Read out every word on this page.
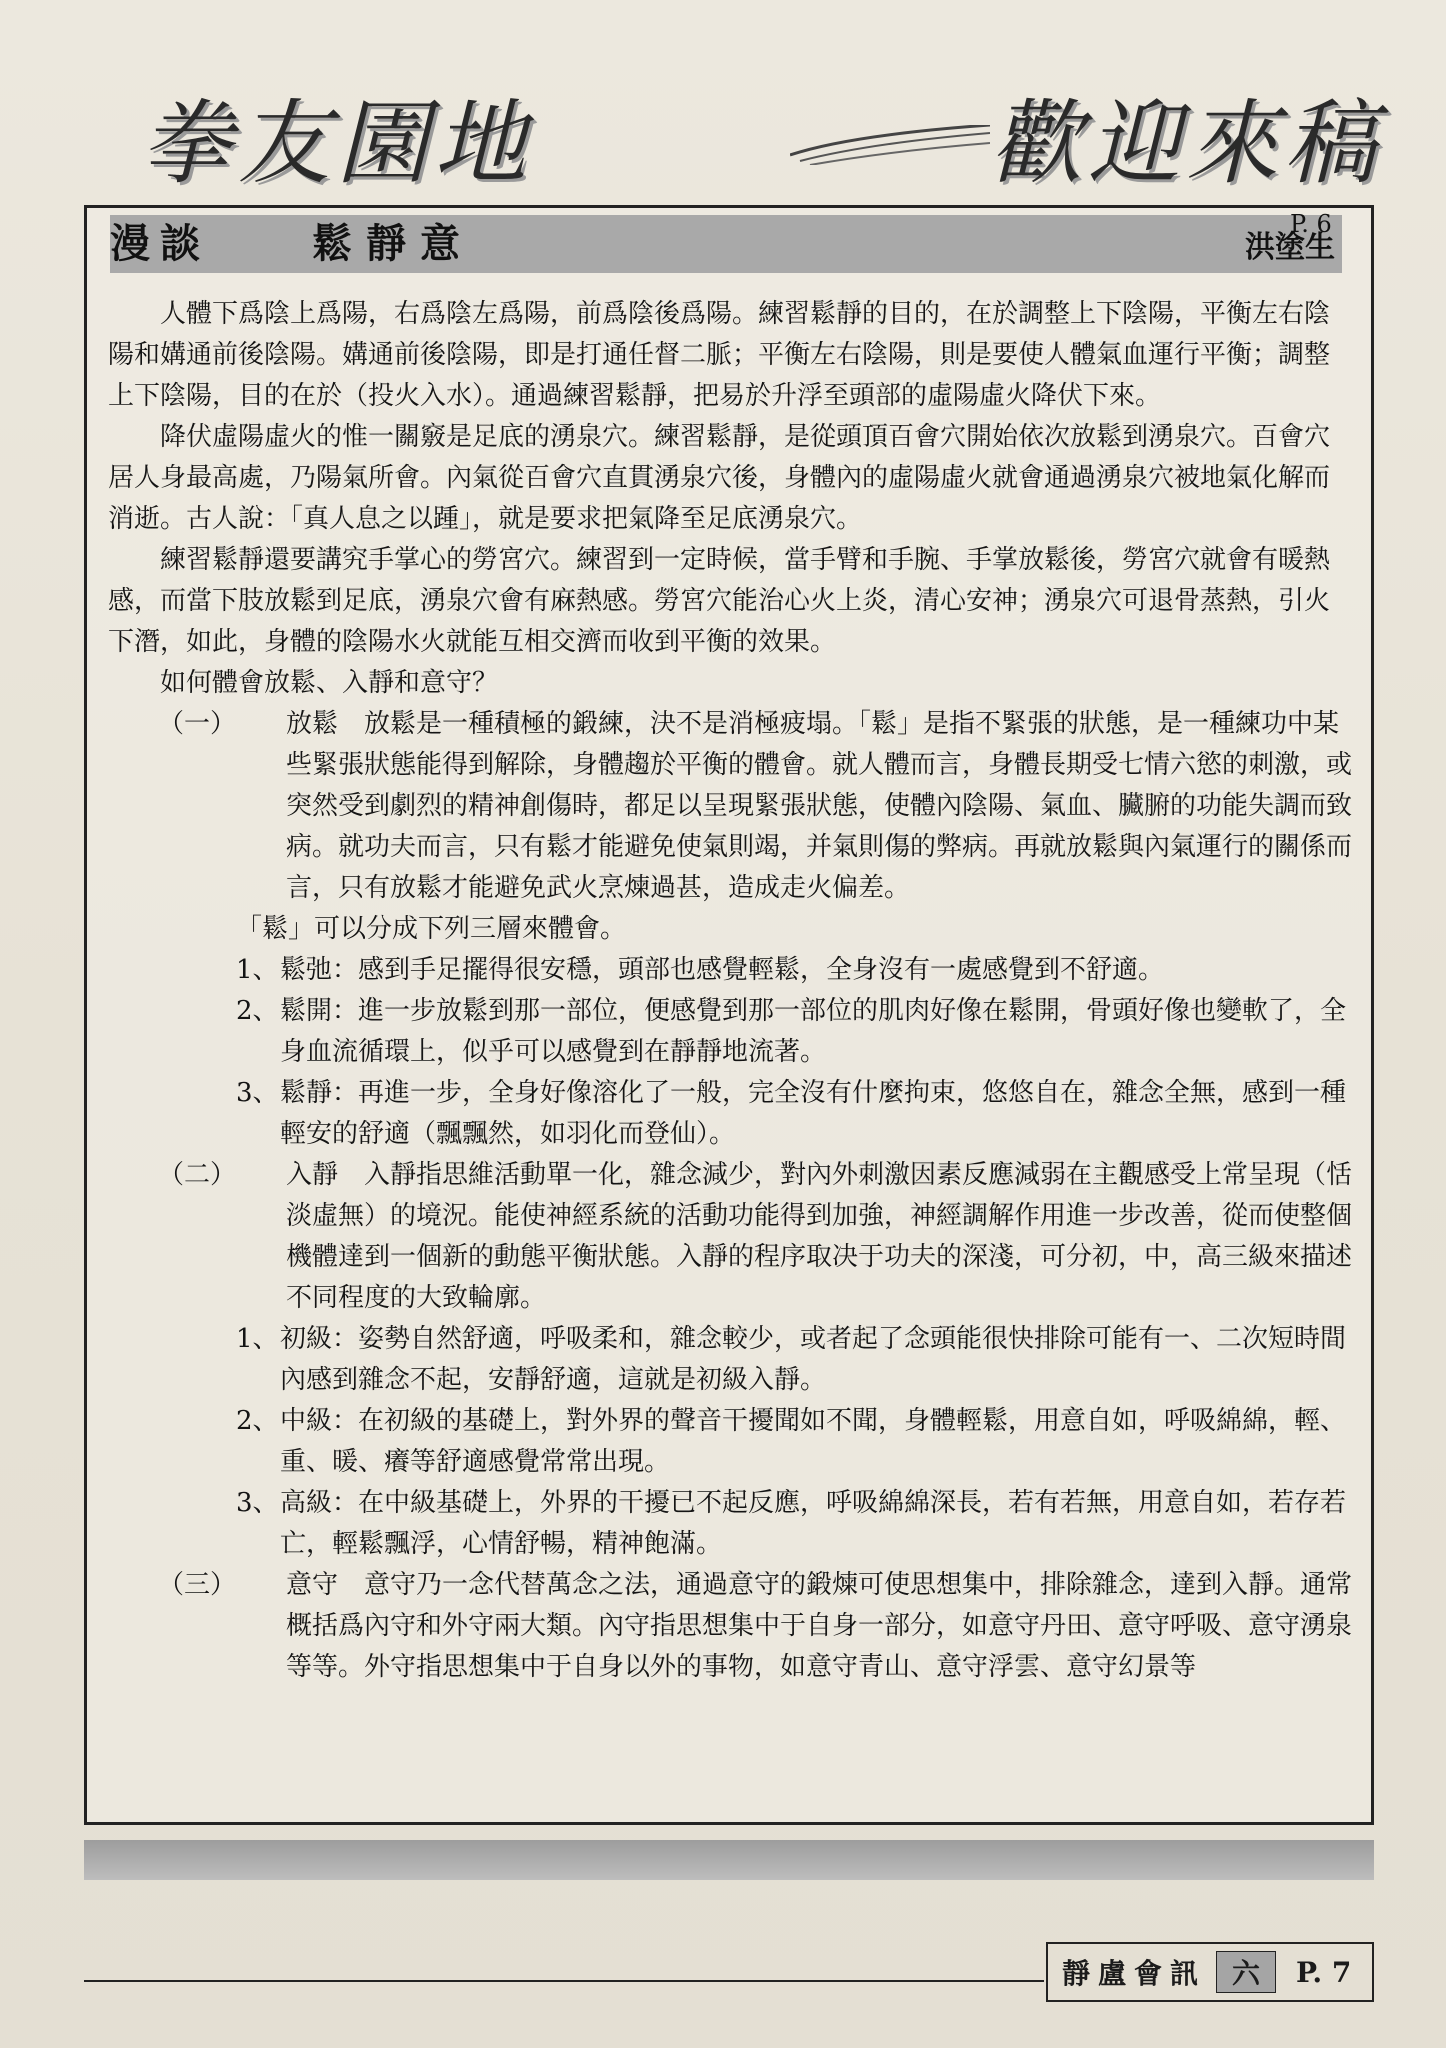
拳友園地	歡迎來稿
漫談	鬆靜意	P. 6
洪塗生

人體下爲陰上爲陽，右爲陰左爲陽，前爲陰後爲陽。練習鬆靜的目的，在於調整上下陰陽，平衡左右陰陽和媾通前後陰陽。媾通前後陰陽，即是打通任督二脈；平衡左右陰陽，則是要使人體氣血運行平衡；調整上下陰陽，目的在於（投火入水）。通過練習鬆靜，把易於升浮至頭部的虛陽虛火降伏下來。

降伏虛陽虛火的惟一關竅是足底的湧泉穴。練習鬆靜，是從頭頂百會穴開始依次放鬆到湧泉穴。百會穴居人身最高處，乃陽氣所會。內氣從百會穴直貫湧泉穴後，身體內的虛陽虛火就會通過湧泉穴被地氣化解而消逝。古人說：「真人息之以踵」，就是要求把氣降至足底湧泉穴。

練習鬆靜還要講究手掌心的勞宮穴。練習到一定時候，當手臂和手腕、手掌放鬆後，勞宮穴就會有暖熱感，而當下肢放鬆到足底，湧泉穴會有麻熱感。勞宮穴能治心火上炎，清心安神；湧泉穴可退骨蒸熱，引火下潛，如此，身體的陰陽水火就能互相交濟而收到平衡的效果。

如何體會放鬆、入靜和意守？

（一）	放鬆　放鬆是一種積極的鍛練，決不是消極疲塌。「鬆」是指不緊張的狀態，是一種練功中某些緊張狀態能得到解除，身體趨於平衡的體會。就人體而言，身體長期受七情六慾的刺激，或突然受到劇烈的精神創傷時，都足以呈現緊張狀態，使體內陰陽、氣血、臟腑的功能失調而致病。就功夫而言，只有鬆才能避免使氣則竭，并氣則傷的弊病。再就放鬆與內氣運行的關係而言，只有放鬆才能避免武火烹煉過甚，造成走火偏差。

「鬆」可以分成下列三層來體會。

1、 鬆弛：感到手足擺得很安穩，頭部也感覺輕鬆，全身沒有一處感覺到不舒適。
2、 鬆開：進一步放鬆到那一部位，便感覺到那一部位的肌肉好像在鬆開，骨頭好像也變軟了，全身血流循環上，似乎可以感覺到在靜靜地流著。
3、 鬆靜：再進一步，全身好像溶化了一般，完全沒有什麼拘束，悠悠自在，雜念全無，感到一種輕安的舒適（飄飄然，如羽化而登仙）。
（二）	入靜　入靜指思維活動單一化，雜念減少，對內外刺激因素反應減弱在主觀感受上常呈現（恬淡虛無）的境況。能使神經系統的活動功能得到加強，神經調解作用進一步改善，從而使整個機體達到一個新的動態平衡狀態。入靜的程序取决于功夫的深淺，可分初，中，高三級來描述不同程度的大致輪廓。
1、 初級：姿勢自然舒適，呼吸柔和，雜念較少，或者起了念頭能很快排除可能有一、二次短時間內感到雜念不起，安靜舒適，這就是初級入靜。
2、 中級：在初級的基礎上，對外界的聲音干擾聞如不聞，身體輕鬆，用意自如，呼吸綿綿，輕、重、暖、癢等舒適感覺常常出現。
3、 高級：在中級基礎上，外界的干擾已不起反應，呼吸綿綿深長，若有若無，用意自如，若存若亡，輕鬆飄浮，心情舒暢，精神飽滿。
（三）	意守　意守乃一念代替萬念之法，通過意守的鍛煉可使思想集中，排除雜念，達到入靜。通常概括爲內守和外守兩大類。內守指思想集中于自身一部分，如意守丹田、意守呼吸、意守湧泉等等。外守指思想集中于自身以外的事物，如意守青山、意守浮雲、意守幻景等
靜盧會訊 六	P. 7
